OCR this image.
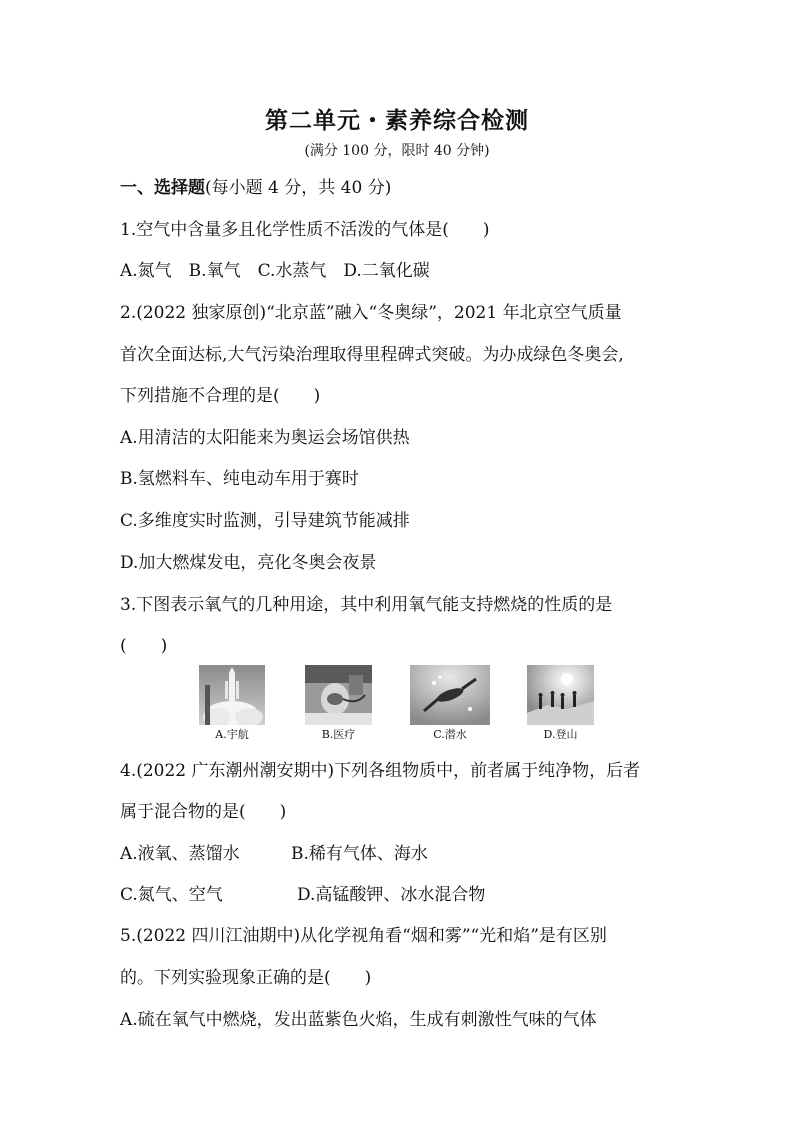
第二单元・素养综合检测
(满分 100 分，限时 40 分钟)
一、选择题(每小题 4 分，共 40 分)
1.空气中含量多且化学性质不活泼的气体是(　　)
A.氮气　B.氧气　C.水蒸气　D.二氧化碳
2.(2022 独家原创)“北京蓝”融入“冬奥绿”，2021 年北京空气质量
首次全面达标,大气污染治理取得里程碑式突破。为办成绿色冬奥会,
下列措施不合理的是(　　)
A.用清洁的太阳能来为奥运会场馆供热
B.氢燃料车、纯电动车用于赛时
C.多维度实时监测，引导建筑节能减排
D.加大燃煤发电，亮化冬奥会夜景
3.下图表示氧气的几种用途，其中利用氧气能支持燃烧的性质的是
(　　)
A.宇航	B.医疗	C.潜水	D.登山
4.(2022 广东潮州潮安期中)下列各组物质中，前者属于纯净物，后者
属于混合物的是(　　)
A.液氧、蒸馏水	B.稀有气体、海水
C.氮气、空气	D.高锰酸钾、冰水混合物
5.(2022 四川江油期中)从化学视角看“烟和雾”“光和焰”是有区别
的。下列实验现象正确的是(　　)
A.硫在氧气中燃烧，发出蓝紫色火焰，生成有刺激性气味的气体
